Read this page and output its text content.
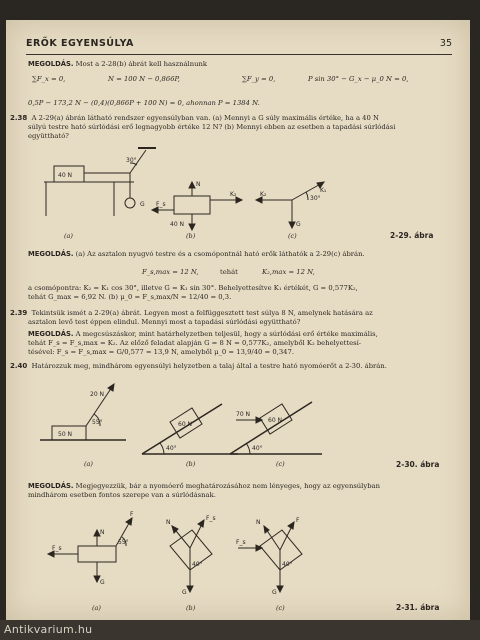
ERŐK EGYENSÚLYA	35
MEGOLDÁS. Most a 2-28(b) ábrát kell használnunk
∑F_x = 0,	N = 100 N − 0,866P,	∑F_y = 0,	P sin 30° − G_x − μ_0 N = 0,
0,5P − 173,2 N − (0,4)(0,866P + 100 N) = 0, ahonnan P = 1384 N.
2.38 A 2-29(a) ábrán látható rendszer egyensúlyban van. (a) Mennyi a G súly maximális értéke, ha a 40 N
súlyú testre ható súrlódási erő legnagyobb értéke 12 N? (b) Mennyi ebben az esetben a tapadási súrlódási
együttható?
40 N
30°
G F_s
K₂
N
40 N
K₂
K₁
30°
G
(a)	(b)	(c)	2-29. ábra
MEGOLDÁS. (a) Az asztalon nyugvó testre és a csomópontnál ható erők láthatók a 2-29(c) ábrán.
F_s,max = 12 N,	tehát	K₂,max = 12 N,
a csomópontra: K₂ = K₁ cos 30°, illetve G = K₁ sin 30°. Behelyettesítve K₁ értékét, G = 0,577K₂,
tehát G_max = 6,92 N. (b) μ_0 = F_s,max/N = 12/40 = 0,3.
2.39 Tekintsük ismét a 2-29(a) ábrát. Legyen most a felfüggesztett test súlya 8 N, amelynek hatására az
asztalon levő test éppen elindul. Mennyi most a tapadási súrlódási együttható?
MEGOLDÁS. A megcsúszáskor, mint határhelyzetben teljesül, hogy a súrlódási erő értéke maximális,
tehát F_s = F_s,max = K₂. Az előző feladat alapján G = 8 N = 0,577K₂, amelyből K₂ behelyettesí-
tésével: F_s = F_s,max = G/0,577 = 13,9 N, amelyből μ_0 = 13,9/40 = 0,347.
2.40 Határozzuk meg, mindhárom egyensúlyi helyzetben a talaj által a testre ható nyomóerőt a 2-30. ábrán.
20 N
55°
50 N
60 N
40°
70 N
60 N
40°
(a)	(b)	(c)	2-30. ábra
MEGOLDÁS. Megjegyezzük, bár a nyomóerő meghatározásához nem lényeges, hogy az egyensúlyban
mindhárom esetben fontos szerepe van a súrlódásnak.
F
F_s
55°
N
G
F_s
40°
N
G
F
F_s
40°
N
G
(a)	(b)	(c)	2-31. ábra
Antikvarium.hu
